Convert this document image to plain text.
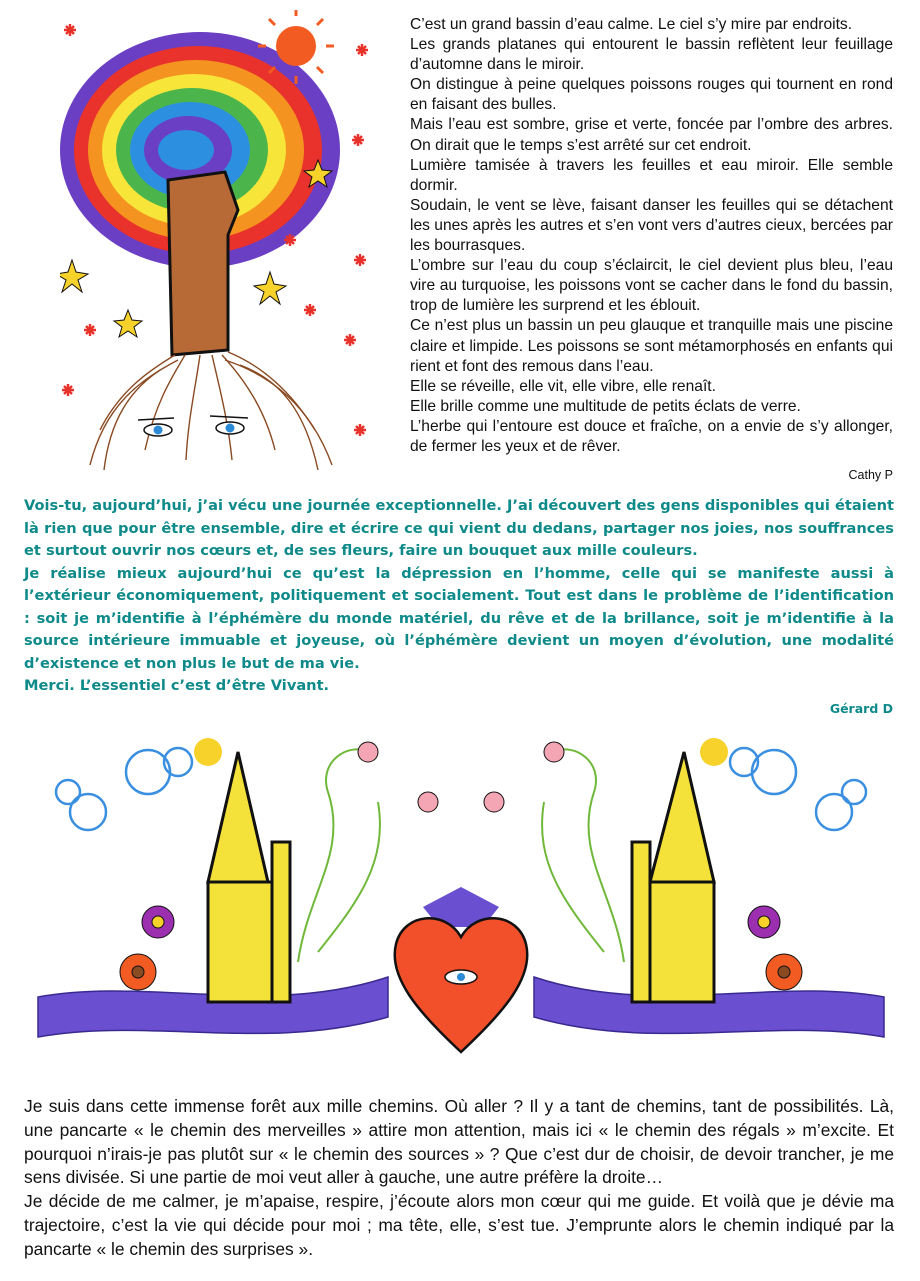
C’est un grand bassin d’eau calme. Le ciel s’y mire par endroits.

Les grands platanes qui entourent le bassin reflètent leur feuillage d’automne dans le miroir.

On distingue à peine quelques poissons rouges qui tournent en rond en faisant des bulles.

Mais l’eau est sombre, grise et verte, foncée par l’ombre des arbres. On dirait que le temps s’est arrêté sur cet endroit.

Lumière tamisée à travers les feuilles et eau miroir. Elle semble dormir.

Soudain, le vent se lève, faisant danser les feuilles qui se détachent les unes après les autres et s’en vont vers d’autres cieux, bercées par les bourrasques.

L’ombre sur l’eau du coup s’éclaircit, le ciel devient plus bleu, l’eau vire au turquoise, les poissons vont se cacher dans le fond du bassin, trop de lumière les surprend et les éblouit.

Ce n’est plus un bassin un peu glauque et tranquille mais une piscine claire et limpide. Les poissons se sont métamorphosés en enfants qui rient et font des remous dans l’eau.

Elle se réveille, elle vit, elle vibre, elle renaît.

Elle brille comme une multitude de petits éclats de verre.

L’herbe qui l’entoure est douce et fraîche, on a envie de s’y allonger, de fermer les yeux et de rêver.

Cathy P

Vois-tu, aujourd’hui, j’ai vécu une journée exceptionnelle. J’ai découvert des gens disponibles qui étaient là rien que pour être ensemble, dire et écrire ce qui vient du dedans, partager nos joies, nos souffrances et surtout ouvrir nos cœurs et, de ses fleurs, faire un bouquet aux mille couleurs.

Je réalise mieux aujourd’hui ce qu’est la dépression en l’homme, celle qui se manifeste aussi à l’extérieur économiquement, politiquement et socialement. Tout est dans le problème de l’identification : soit je m’identifie à l’éphémère du monde matériel, du rêve et de la brillance, soit je m’identifie à la source intérieure immuable et joyeuse, où l’éphémère devient un moyen d’évolution, une modalité d’existence et non plus le but de ma vie.

Merci. L’essentiel c’est d’être Vivant.

Gérard D

Je suis dans cette immense forêt aux mille chemins. Où aller ? Il y a tant de chemins, tant de possibilités. Là, une pancarte « le chemin des merveilles » attire mon attention, mais ici « le chemin des régals » m’excite. Et pourquoi n’irais-je pas plutôt sur « le chemin des sources » ? Que c’est dur de choisir, de devoir trancher, je me sens divisée. Si une partie de moi veut aller à gauche, une autre préfère la droite…

Je décide de me calmer, je m’apaise, respire, j’écoute alors mon cœur qui me guide. Et voilà que je dévie ma trajectoire, c’est la vie qui décide pour moi ; ma tête, elle, s’est tue. J’emprunte alors le chemin indiqué par la pancarte « le chemin des surprises ».
